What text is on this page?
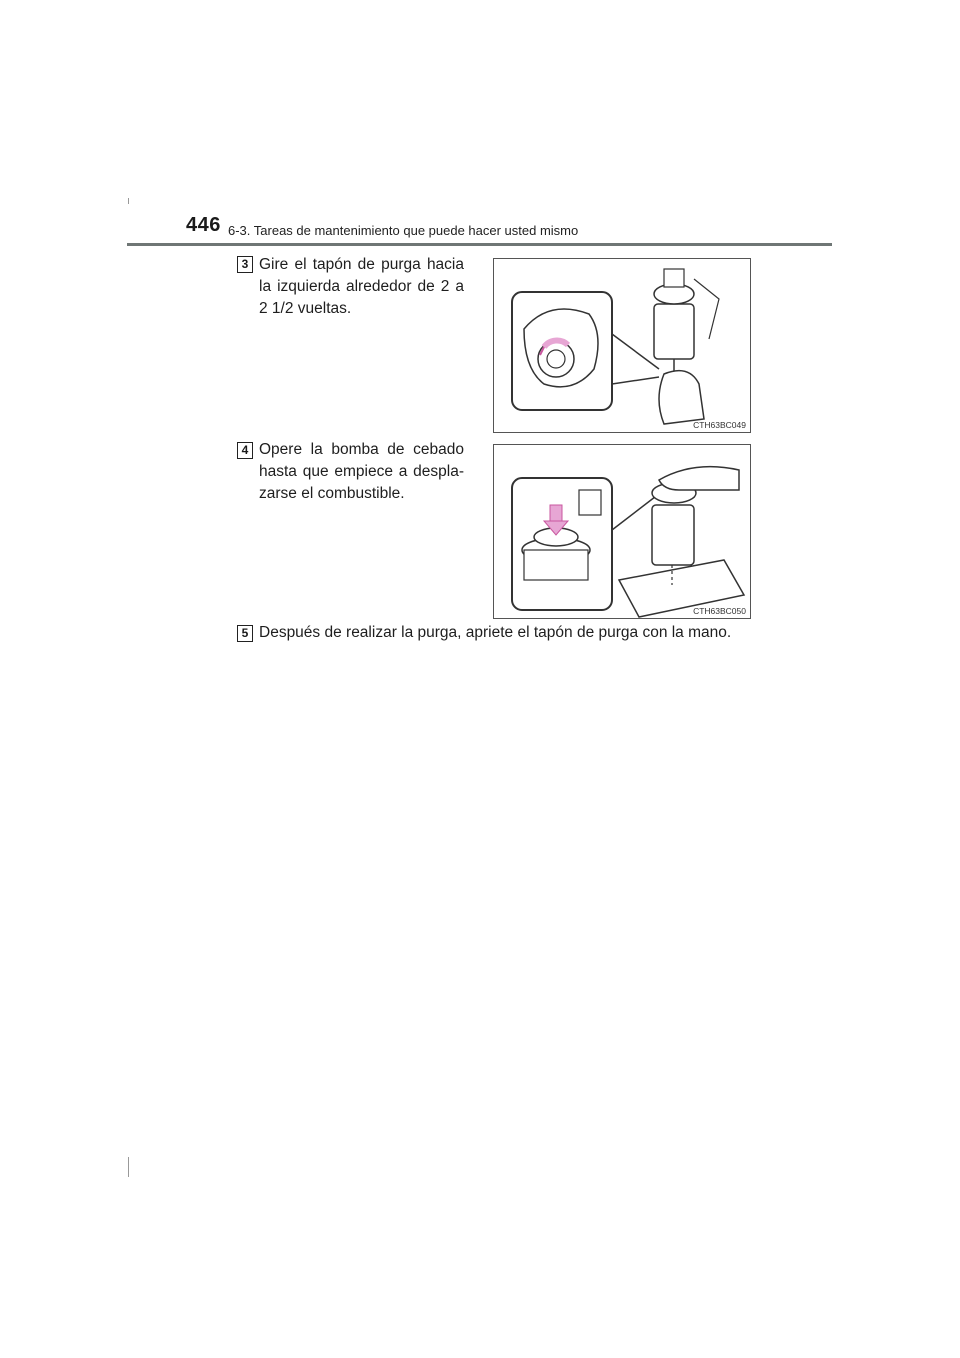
446 6-3. Tareas de mantenimiento que puede hacer usted mismo
3 Gire el tapón de purga hacia la izquierda alrededor de 2 a 2 1/2 vueltas.
CTH63BC049
4 Opere la bomba de cebado hasta que empiece a despla-zarse el combustible.
CTH63BC050
5 Después de realizar la purga, apriete el tapón de purga con la mano.
